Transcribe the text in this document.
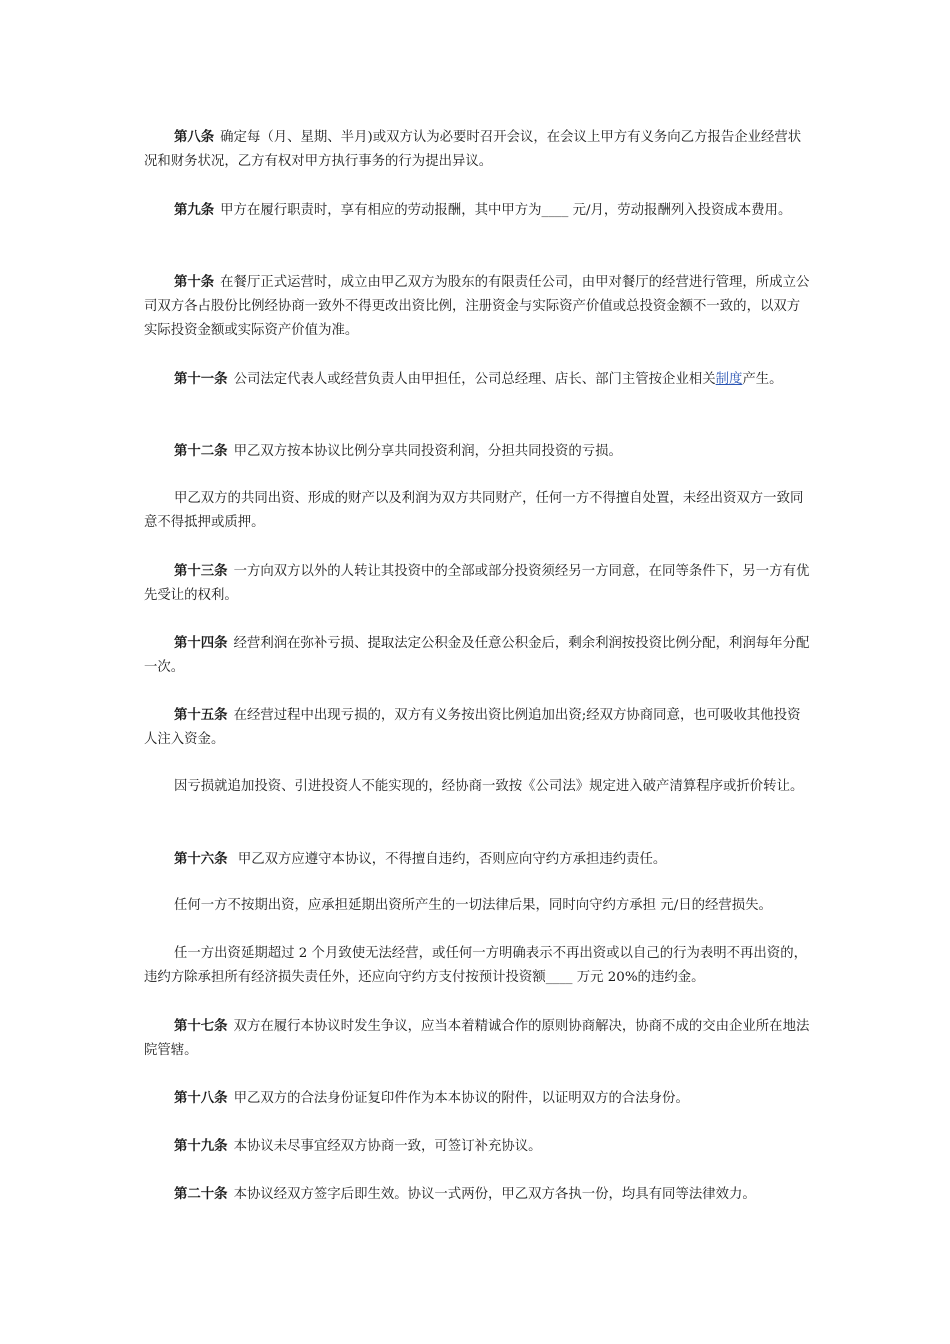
第八条 确定每（月、星期、半月)或双方认为必要时召开会议，在会议上甲方有义务向乙方报告企业经营状况和财务状况，乙方有权对甲方执行事务的行为提出异议。

第九条 甲方在履行职责时，享有相应的劳动报酬，其中甲方为____ 元/月，劳动报酬列入投资成本费用。

第十条 在餐厅正式运营时，成立由甲乙双方为股东的有限责任公司，由甲对餐厅的经营进行管理，所成立公司双方各占股份比例经协商一致外不得更改出资比例，注册资金与实际资产价值或总投资金额不一致的，以双方实际投资金额或实际资产价值为准。

第十一条 公司法定代表人或经营负责人由甲担任，公司总经理、店长、部门主管按企业相关制度产生。

第十二条 甲乙双方按本协议比例分享共同投资利润，分担共同投资的亏损。

甲乙双方的共同出资、形成的财产以及利润为双方共同财产，任何一方不得擅自处置，未经出资双方一致同意不得抵押或质押。

第十三条 一方向双方以外的人转让其投资中的全部或部分投资须经另一方同意，在同等条件下，另一方有优先受让的权利。

第十四条 经营利润在弥补亏损、提取法定公积金及任意公积金后，剩余利润按投资比例分配，利润每年分配一次。

第十五条 在经营过程中出现亏损的，双方有义务按出资比例追加出资;经双方协商同意，也可吸收其他投资人注入资金。

因亏损就追加投资、引进投资人不能实现的，经协商一致按《公司法》规定进入破产清算程序或折价转让。

第十六条 甲乙双方应遵守本协议，不得擅自违约，否则应向守约方承担违约责任。

任何一方不按期出资，应承担延期出资所产生的一切法律后果，同时向守约方承担 元/日的经营损失。

任一方出资延期超过 2 个月致使无法经营，或任何一方明确表示不再出资或以自己的行为表明不再出资的，违约方除承担所有经济损失责任外，还应向守约方支付按预计投资额____ 万元 20%的违约金。

第十七条 双方在履行本协议时发生争议，应当本着精诚合作的原则协商解决，协商不成的交由企业所在地法院管辖。

第十八条 甲乙双方的合法身份证复印件作为本本协议的附件，以证明双方的合法身份。

第十九条 本协议未尽事宜经双方协商一致，可签订补充协议。

第二十条 本协议经双方签字后即生效。协议一式两份，甲乙双方各执一份，均具有同等法律效力。
